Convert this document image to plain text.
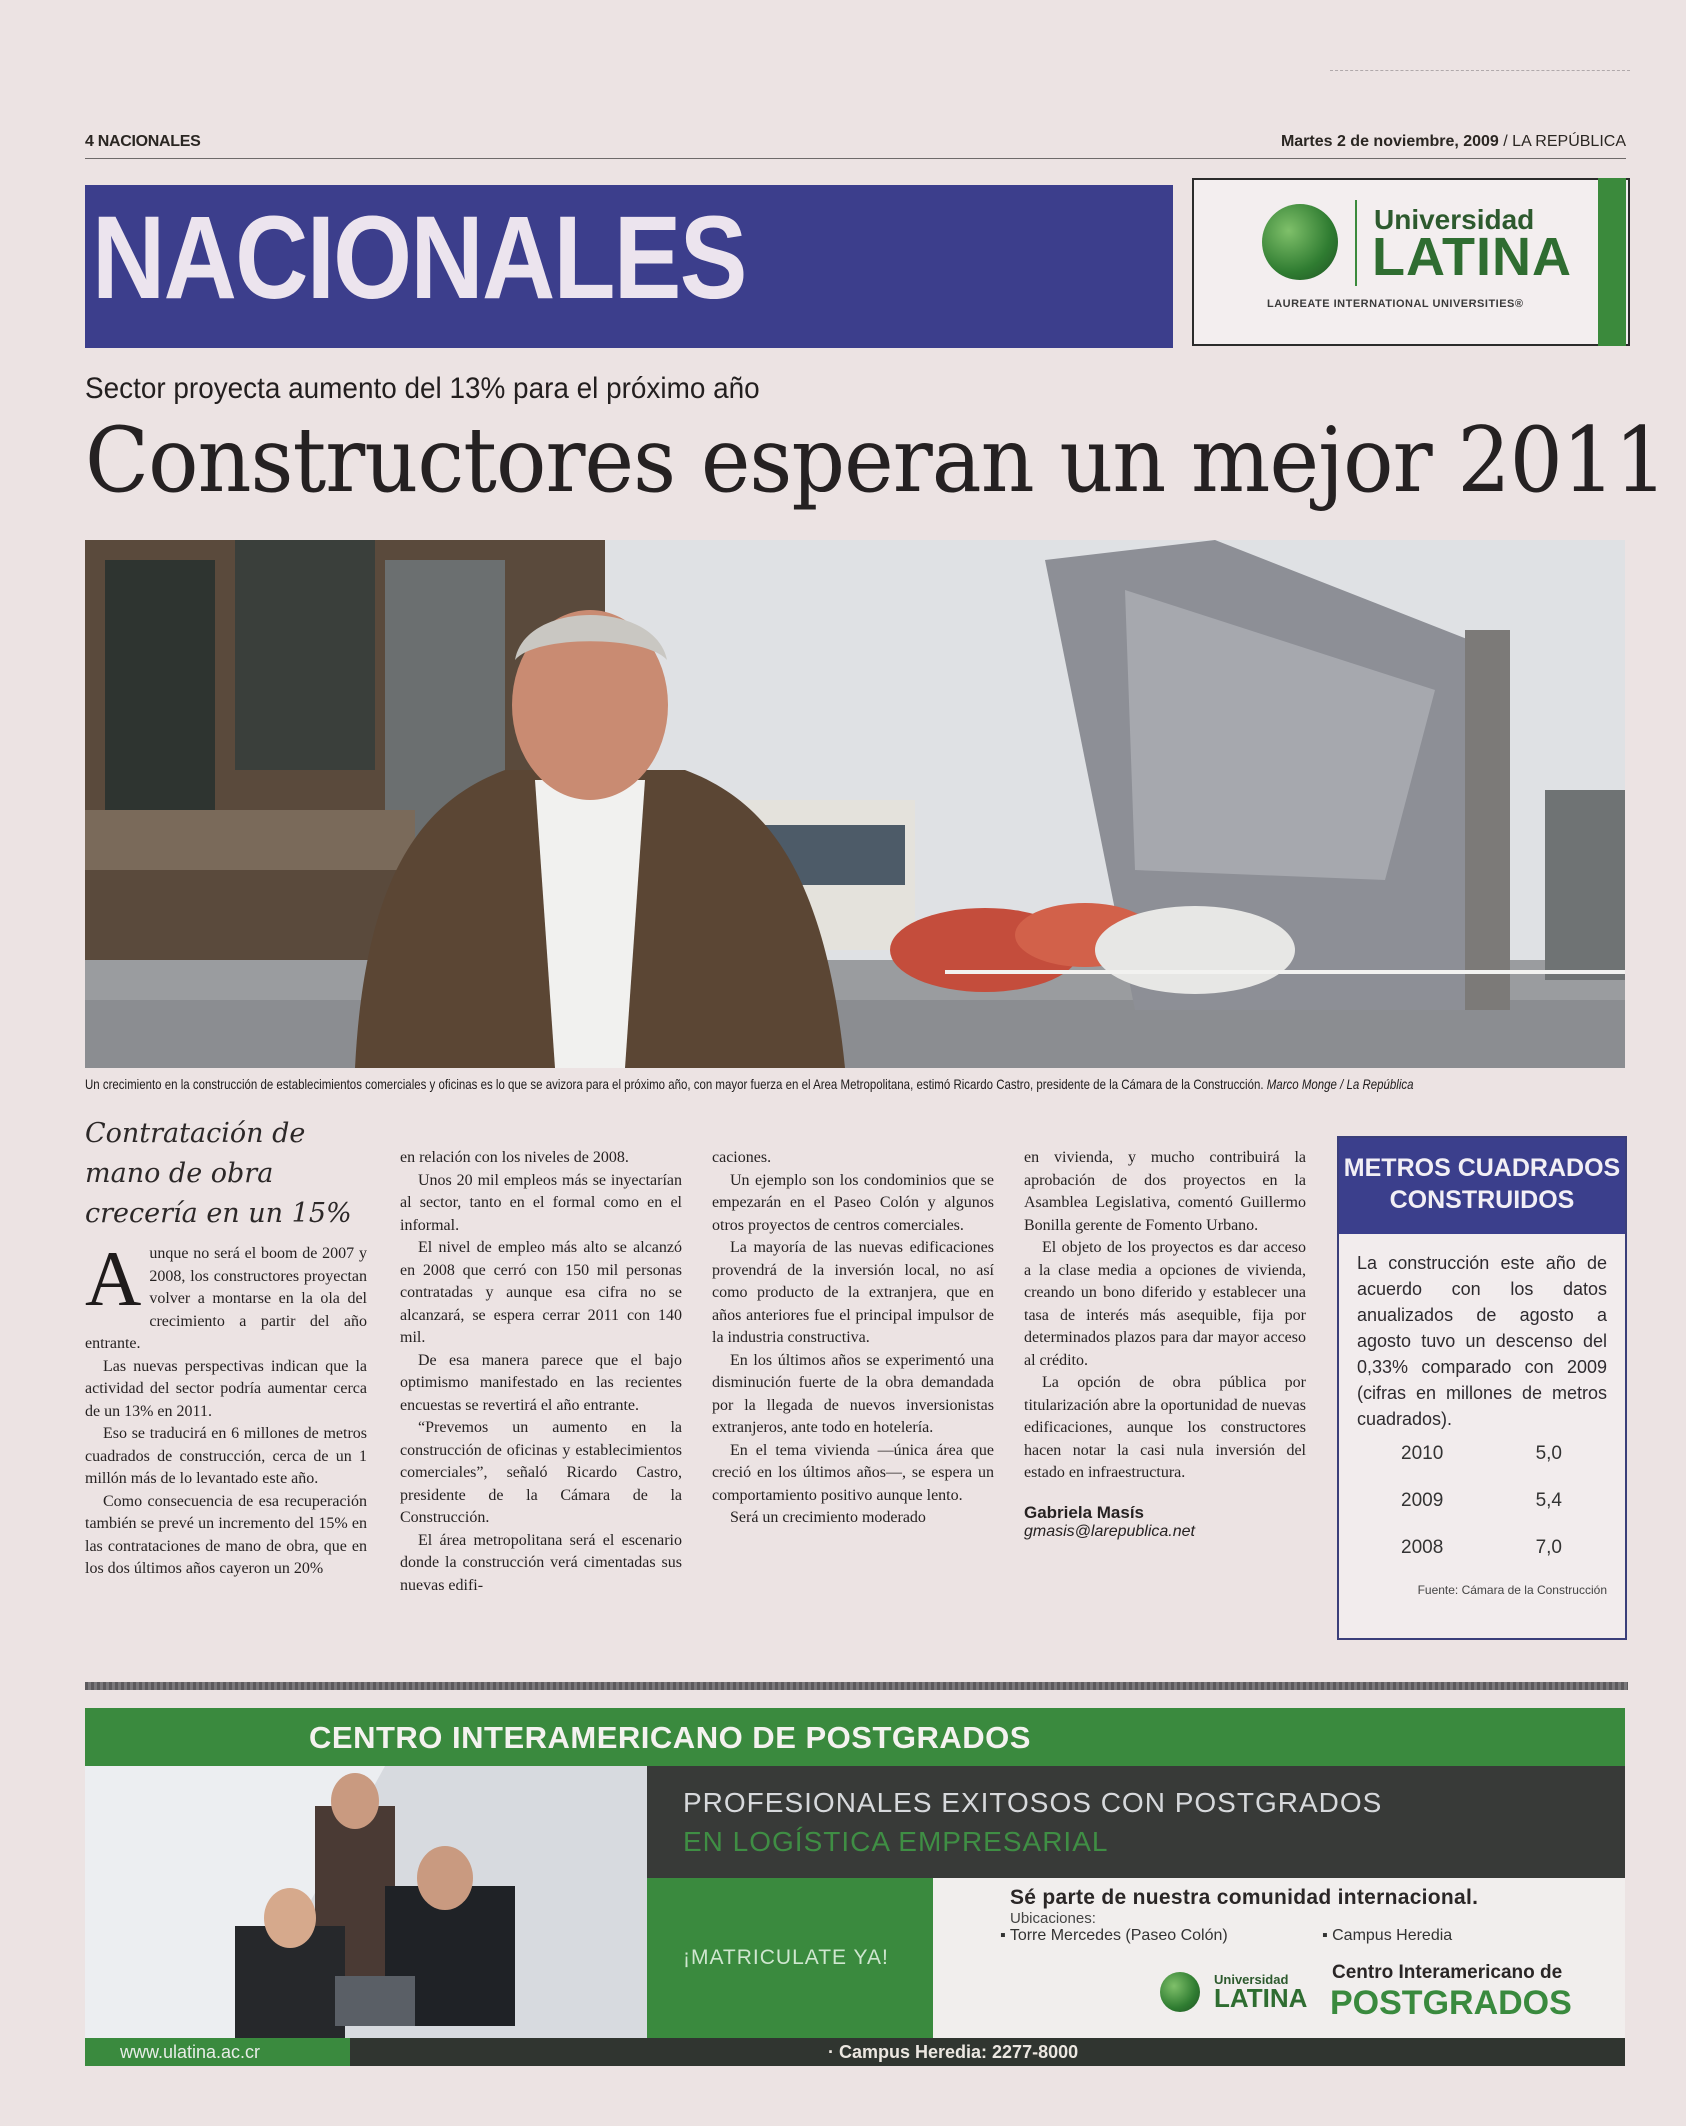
4 NACIONALES	Martes 2 de noviembre, 2009 / LA REPÚBLICA
NACIONALES	Universidad
LATINA
LAUREATE INTERNATIONAL UNIVERSITIES®
Sector proyecta aumento del 13% para el próximo año
Constructores esperan un mejor 2011
Un crecimiento en la construcción de establecimientos comerciales y oficinas es lo que se avizora para el próximo año, con mayor fuerza en el Area Metropolitana, estimó Ricardo Castro, presidente de la Cámara de la Construcción. Marco Monge / La República
Contratación de mano de obra crecería en un 15%

Aunque no será el boom de 2007 y 2008, los constructores proyectan volver a montarse en la ola del crecimiento a partir del año entrante.

Las nuevas perspectivas indican que la actividad del sector podría aumentar cerca de un 13% en 2011.

Eso se traducirá en 6 millones de metros cuadrados de construcción, cerca de un 1 millón más de lo levantado este año.

Como consecuencia de esa recuperación también se prevé un incremento del 15% en las contrataciones de mano de obra, que en los dos últimos años cayeron un 20%

en relación con los niveles de 2008.

Unos 20 mil empleos más se inyectarían al sector, tanto en el formal como en el informal.

El nivel de empleo más alto se alcanzó en 2008 que cerró con 150 mil personas contratadas y aunque esa cifra no se alcanzará, se espera cerrar 2011 con 140 mil.

De esa manera parece que el bajo optimismo manifestado en las recientes encuestas se revertirá el año entrante.

“Prevemos un aumento en la construcción de oficinas y establecimientos comerciales”, señaló Ricardo Castro, presidente de la Cámara de la Construcción.

El área metropolitana será el escenario donde la construcción verá cimentadas sus nuevas edifi-

caciones.

Un ejemplo son los condominios que se empezarán en el Paseo Colón y algunos otros proyectos de centros comerciales.

La mayoría de las nuevas edificaciones provendrá de la inversión local, no así como producto de la extranjera, que en años anteriores fue el principal impulsor de la industria constructiva.

En los últimos años se experimentó una disminución fuerte de la obra demandada por la llegada de nuevos inversionistas extranjeros, ante todo en hotelería.

En el tema vivienda —única área que creció en los últimos años—, se espera un comportamiento positivo aunque lento.

Será un crecimiento moderado

en vivienda, y mucho contribuirá la aprobación de dos proyectos en la Asamblea Legislativa, comentó Guillermo Bonilla gerente de Fomento Urbano.

El objeto de los proyectos es dar acceso a la clase media a opciones de vivienda, creando un bono diferido y establecer una tasa de interés más asequible, fija por determinados plazos para dar mayor acceso al crédito.

La opción de obra pública por titularización abre la oportunidad de nuevas edificaciones, aunque los constructores hacen notar la casi nula inversión del estado en infraestructura.

Gabriela Masís
gmasis@larepublica.net
METROS CUADRADOS CONSTRUIDOS
La construcción este año de acuerdo con los datos anualizados de agosto a agosto tuvo un descenso del 0,33% comparado con 2009 (cifras en millones de metros cuadrados).
2010	5,0
2009	5,4
2008	7,0
Fuente: Cámara de la Construcción
CENTRO INTERAMERICANO DE POSTGRADOS
PROFESIONALES EXITOSOS CON POSTGRADOS
EN LOGÍSTICA EMPRESARIAL
¡MATRICULATE YA!
Sé parte de nuestra comunidad internacional.
Ubicaciones:
▪ Torre Mercedes (Paseo Colón)	▪ Campus Heredia
Universidad
LATINA
Centro Interamericano de
POSTGRADOS
www.ulatina.ac.cr	· Campus Heredia: 2277-8000
